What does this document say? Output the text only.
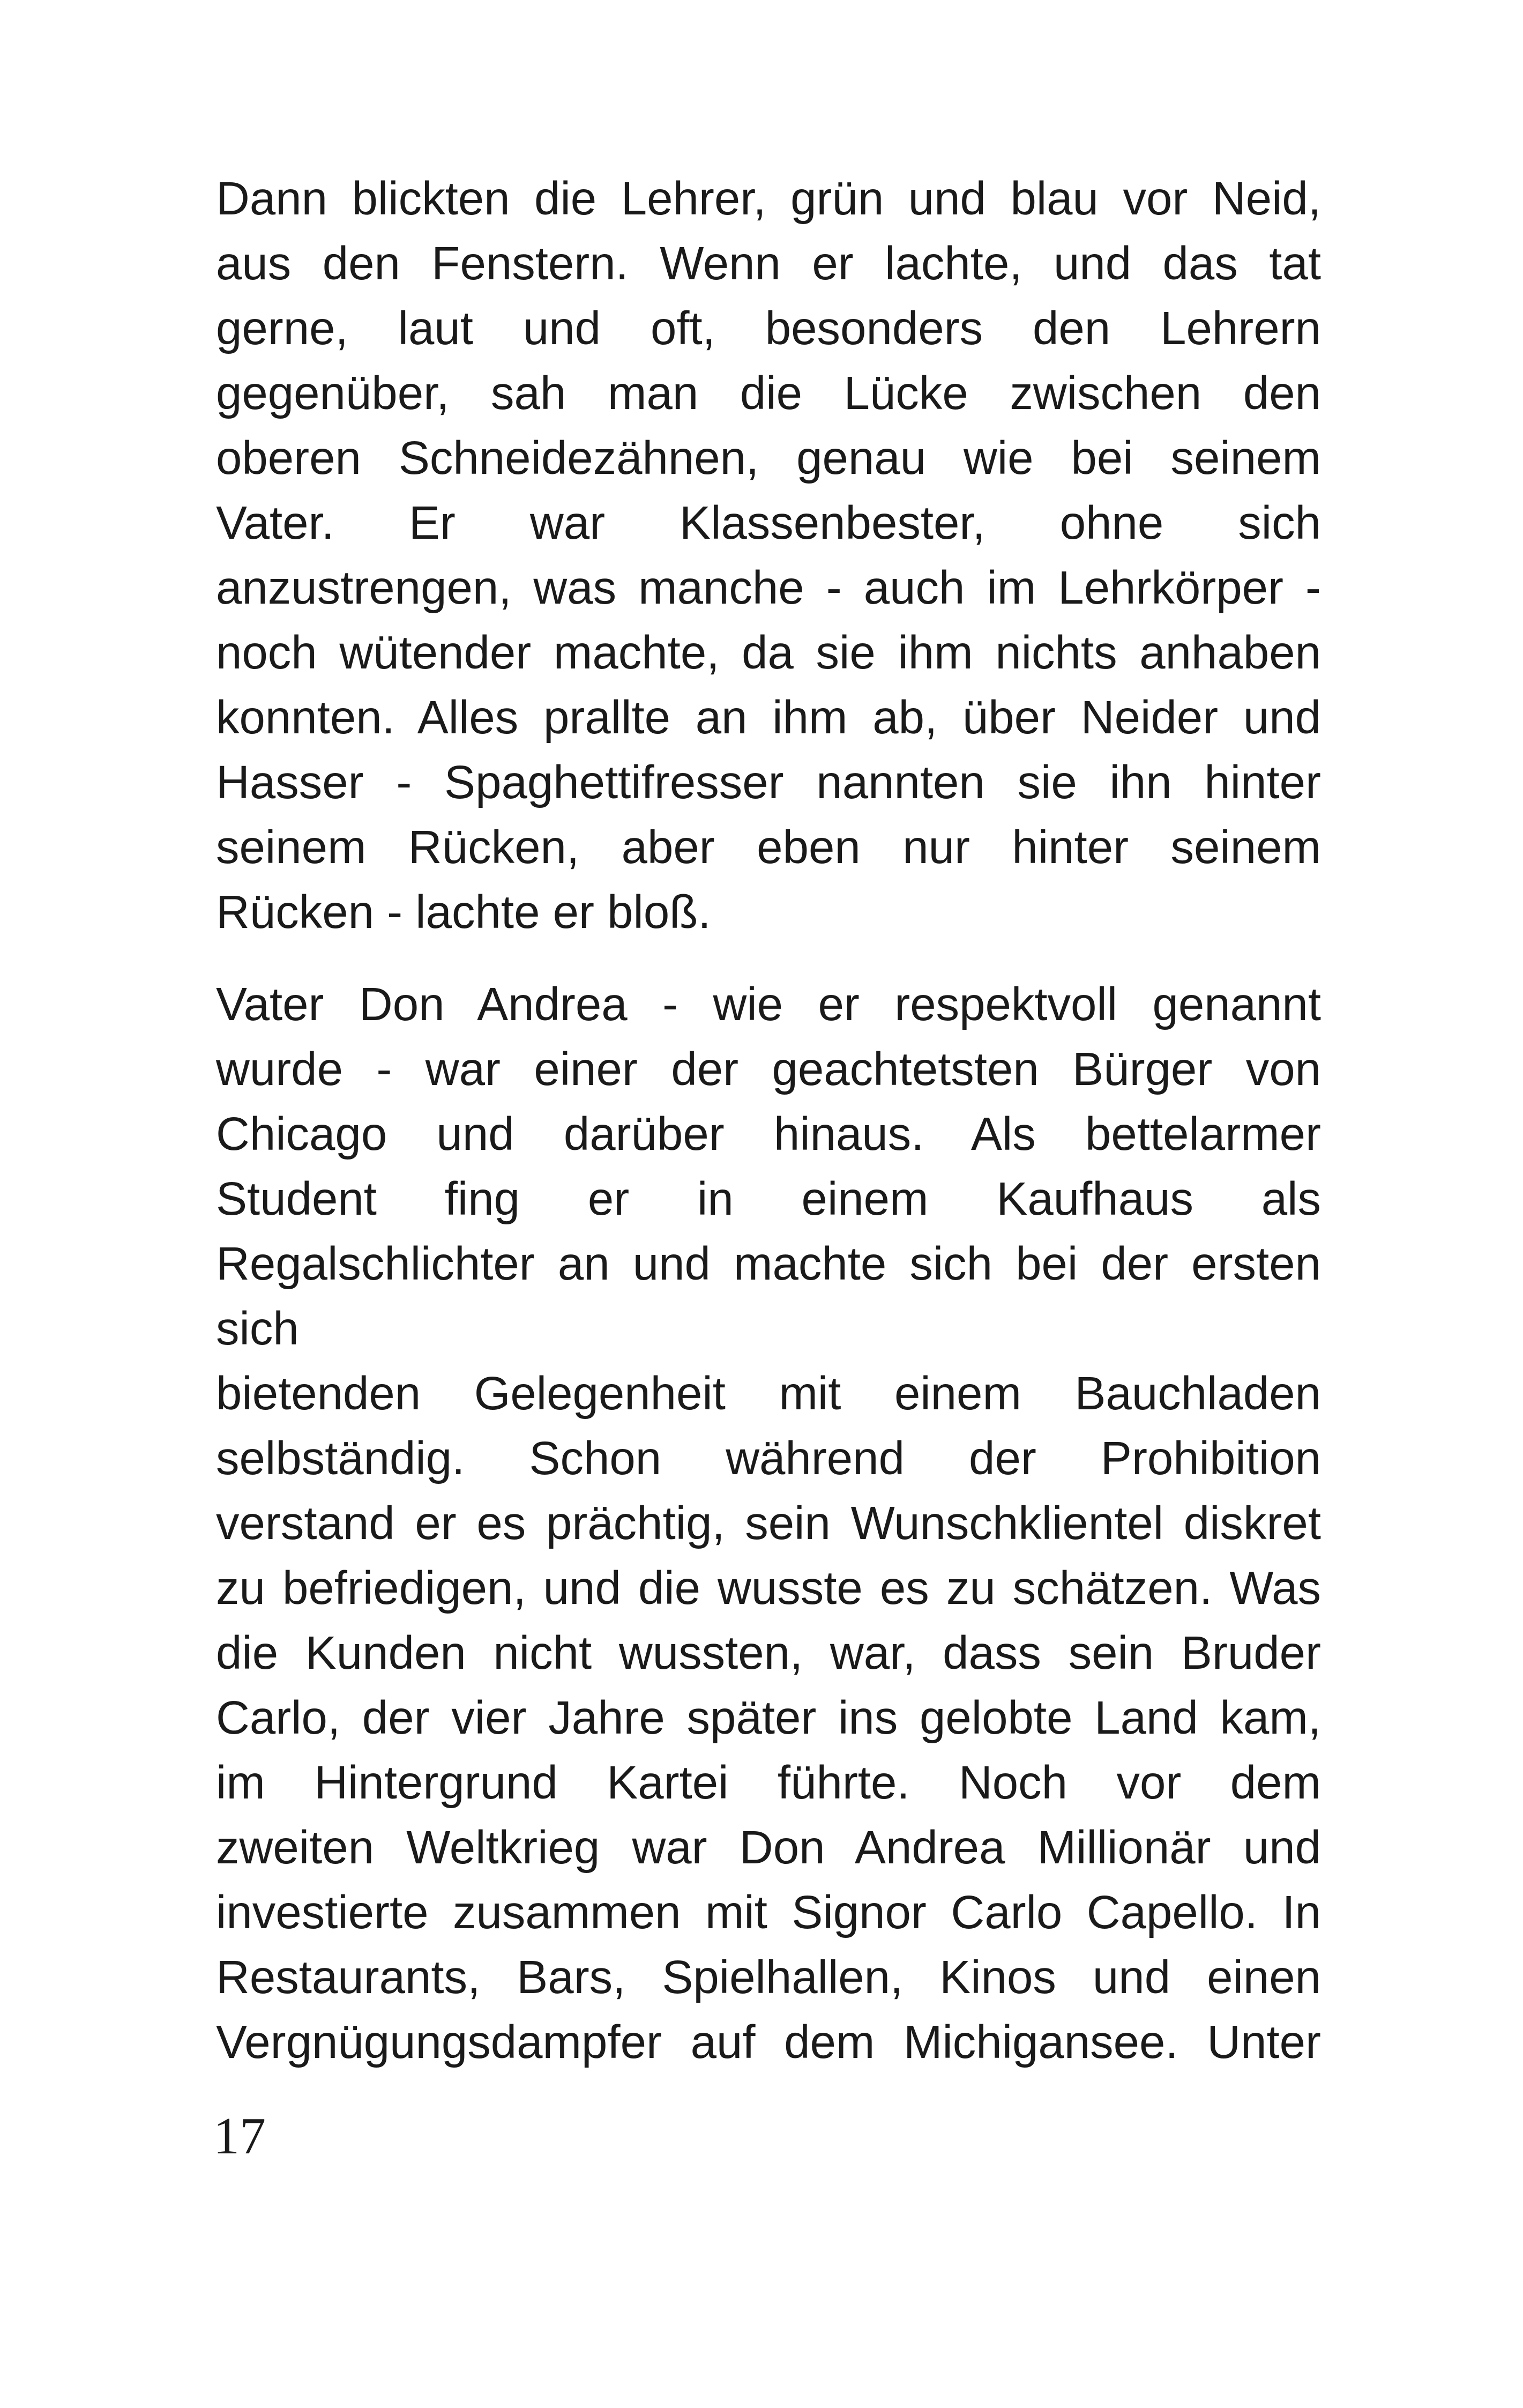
Dann blickten die Lehrer, grün und blau vor Neid,
aus den Fenstern. Wenn er lachte, und das tat
gerne, laut und oft, besonders den Lehrern
gegenüber, sah man die Lücke zwischen den
oberen Schneidezähnen, genau wie bei seinem
Vater. Er war Klassenbester, ohne sich
anzustrengen, was manche - auch im Lehrkörper -
noch wütender machte, da sie ihm nichts anhaben
konnten. Alles prallte an ihm ab, über Neider und
Hasser - Spaghettifresser nannten sie ihn hinter
seinem Rücken, aber eben nur hinter seinem
Rücken - lachte er bloß.
Vater Don Andrea - wie er respektvoll genannt
wurde - war einer der geachtetsten Bürger von
Chicago und darüber hinaus. Als bettelarmer
Student fing er in einem Kaufhaus als
Regalschlichter an und machte sich bei der ersten
sich
bietenden Gelegenheit mit einem Bauchladen
selbständig. Schon während der Prohibition
verstand er es prächtig, sein Wunschklientel diskret
zu befriedigen, und die wusste es zu schätzen. Was
die Kunden nicht wussten, war, dass sein Bruder
Carlo, der vier Jahre später ins gelobte Land kam,
im Hintergrund Kartei führte. Noch vor dem
zweiten Weltkrieg war Don Andrea Millionär und
investierte zusammen mit Signor Carlo Capello. In
Restaurants, Bars, Spielhallen, Kinos und einen
Vergnügungsdampfer auf dem Michigansee. Unter
17
